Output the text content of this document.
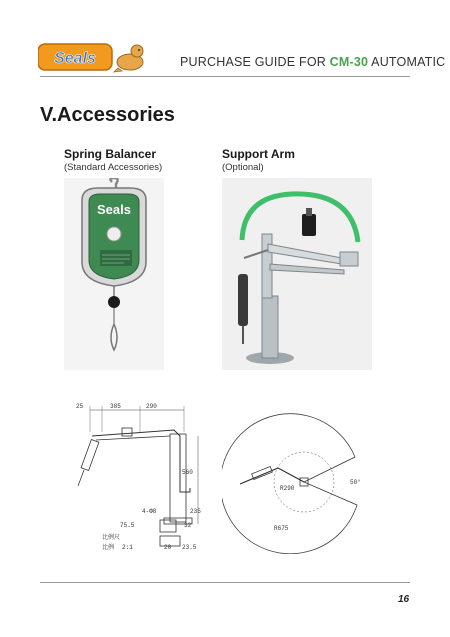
Seals	PURCHASE GUIDE FOR CM-30 AUTOMATIC
V.Accessories
Spring Balancer
(Standard Accessories)
Seals
Support Arm
(Optional)
25	385	290
560
4-Φ8	235
75.5	32
比例尺
比例 2:1	20 23.5
R290
50°
R675
16
